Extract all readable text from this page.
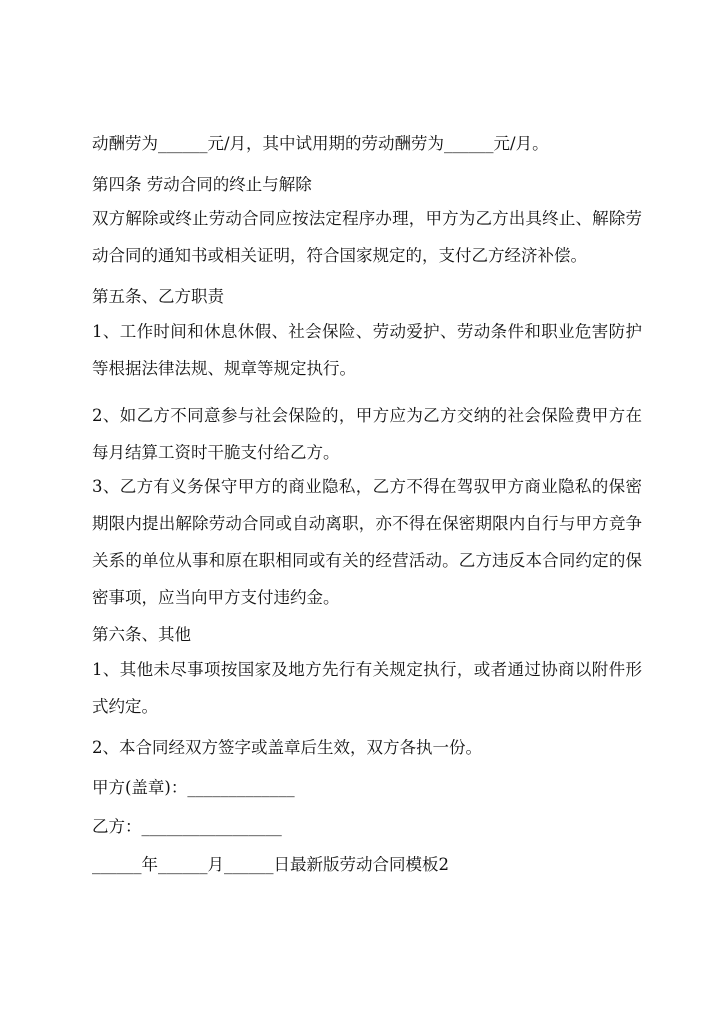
动酬劳为______元/月，其中试用期的劳动酬劳为______元/月。

第四条 劳动合同的终止与解除

双方解除或终止劳动合同应按法定程序办理，甲方为乙方出具终止、解除劳动合同的通知书或相关证明，符合国家规定的，支付乙方经济补偿。

第五条、乙方职责

1、工作时间和休息休假、社会保险、劳动爱护、劳动条件和职业危害防护等根据法律法规、规章等规定执行。

2、如乙方不同意参与社会保险的，甲方应为乙方交纳的社会保险费甲方在每月结算工资时干脆支付给乙方。

3、乙方有义务保守甲方的商业隐私，乙方不得在驾驭甲方商业隐私的保密期限内提出解除劳动合同或自动离职，亦不得在保密期限内自行与甲方竞争关系的单位从事和原在职相同或有关的经营活动。乙方违反本合同约定的保密事项，应当向甲方支付违约金。

第六条、其他

1、其他未尽事项按国家及地方先行有关规定执行，或者通过协商以附件形式约定。

2、本合同经双方签字或盖章后生效，双方各执一份。

甲方(盖章)：_____________

乙方：_________________

______年______月______日最新版劳动合同模板2
